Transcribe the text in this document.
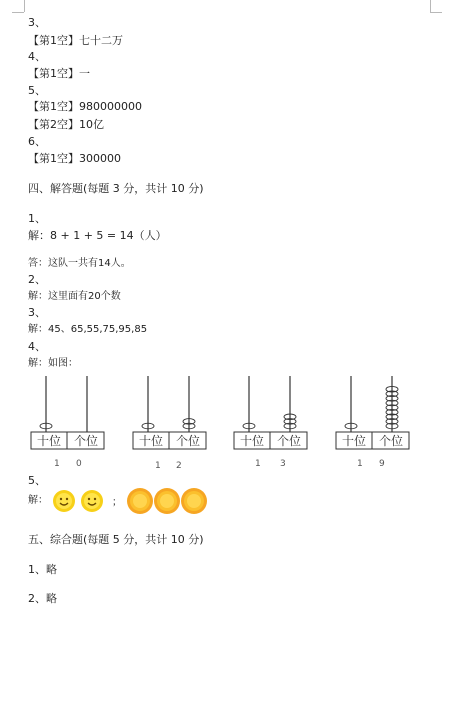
3、
【第1空】七十二万
4、
【第1空】一
5、
【第1空】980000000
【第2空】10亿
6、
【第1空】300000
四、解答题(每题 3 分，共计 10 分)
1、
解：8 + 1 + 5 = 14（人）
答：这队一共有14人。
2、
解：这里面有20个数
3、
解：45、65,55,75,95,85
4、
解：如图：
十位 个位	十位 个位	十位 个位	十位 个位
1 0	1 2	1 3	1 9
5、
解：	；
五、综合题(每题 5 分，共计 10 分)
1、略
2、略
